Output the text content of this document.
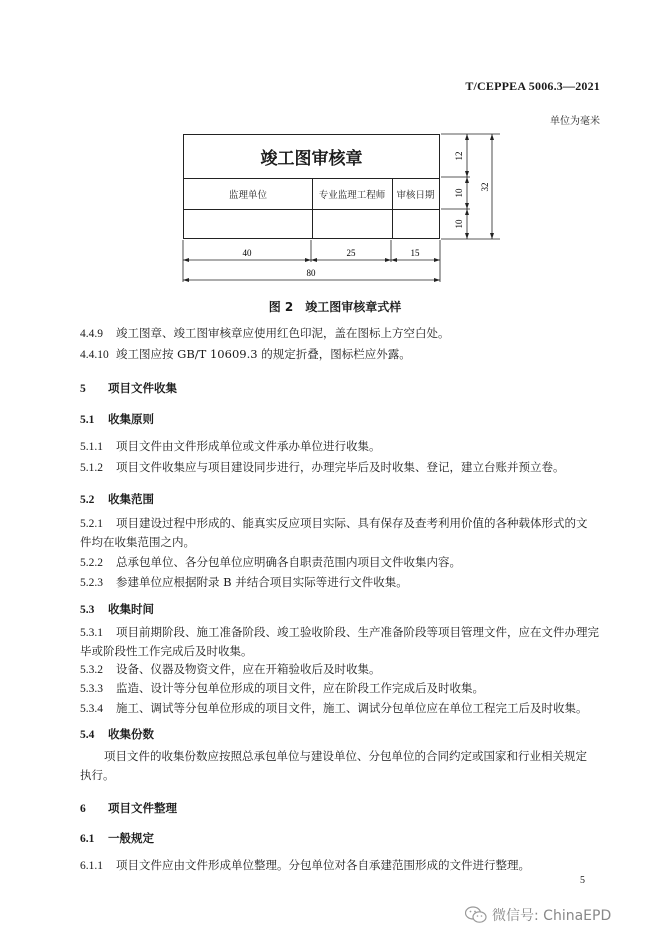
T/CEPPEA 5006.3—2021
单位为毫米
竣工图审核章
监理单位	专业监理工程师	审核日期
40	25	15
80
12
10
10
32
图 2　竣工图审核章式样
4.4.9 竣工图章、竣工图审核章应使用红色印泥，盖在图标上方空白处。
4.4.10 竣工图应按 GB/T 10609.3 的规定折叠，图标栏应外露。
5 项目文件收集
5.1 收集原则
5.1.1 项目文件由文件形成单位或文件承办单位进行收集。
5.1.2 项目文件收集应与项目建设同步进行，办理完毕后及时收集、登记，建立台账并预立卷。
5.2 收集范围
5.2.1 项目建设过程中形成的、能真实反应项目实际、具有保存及查考利用价值的各种载体形式的文
件均在收集范围之内。
5.2.2 总承包单位、各分包单位应明确各自职责范围内项目文件收集内容。
5.2.3 参建单位应根据附录 B 并结合项目实际等进行文件收集。
5.3 收集时间
5.3.1 项目前期阶段、施工准备阶段、竣工验收阶段、生产准备阶段等项目管理文件，应在文件办理完
毕或阶段性工作完成后及时收集。
5.3.2 设备、仪器及物资文件，应在开箱验收后及时收集。
5.3.3 监造、设计等分包单位形成的项目文件，应在阶段工作完成后及时收集。
5.3.4 施工、调试等分包单位形成的项目文件，施工、调试分包单位应在单位工程完工后及时收集。
5.4 收集份数
项目文件的收集份数应按照总承包单位与建设单位、分包单位的合同约定或国家和行业相关规定
执行。
6 项目文件整理
6.1 一般规定
6.1.1 项目文件应由文件形成单位整理。分包单位对各自承建范围形成的文件进行整理。
5
微信号: ChinaEPD
